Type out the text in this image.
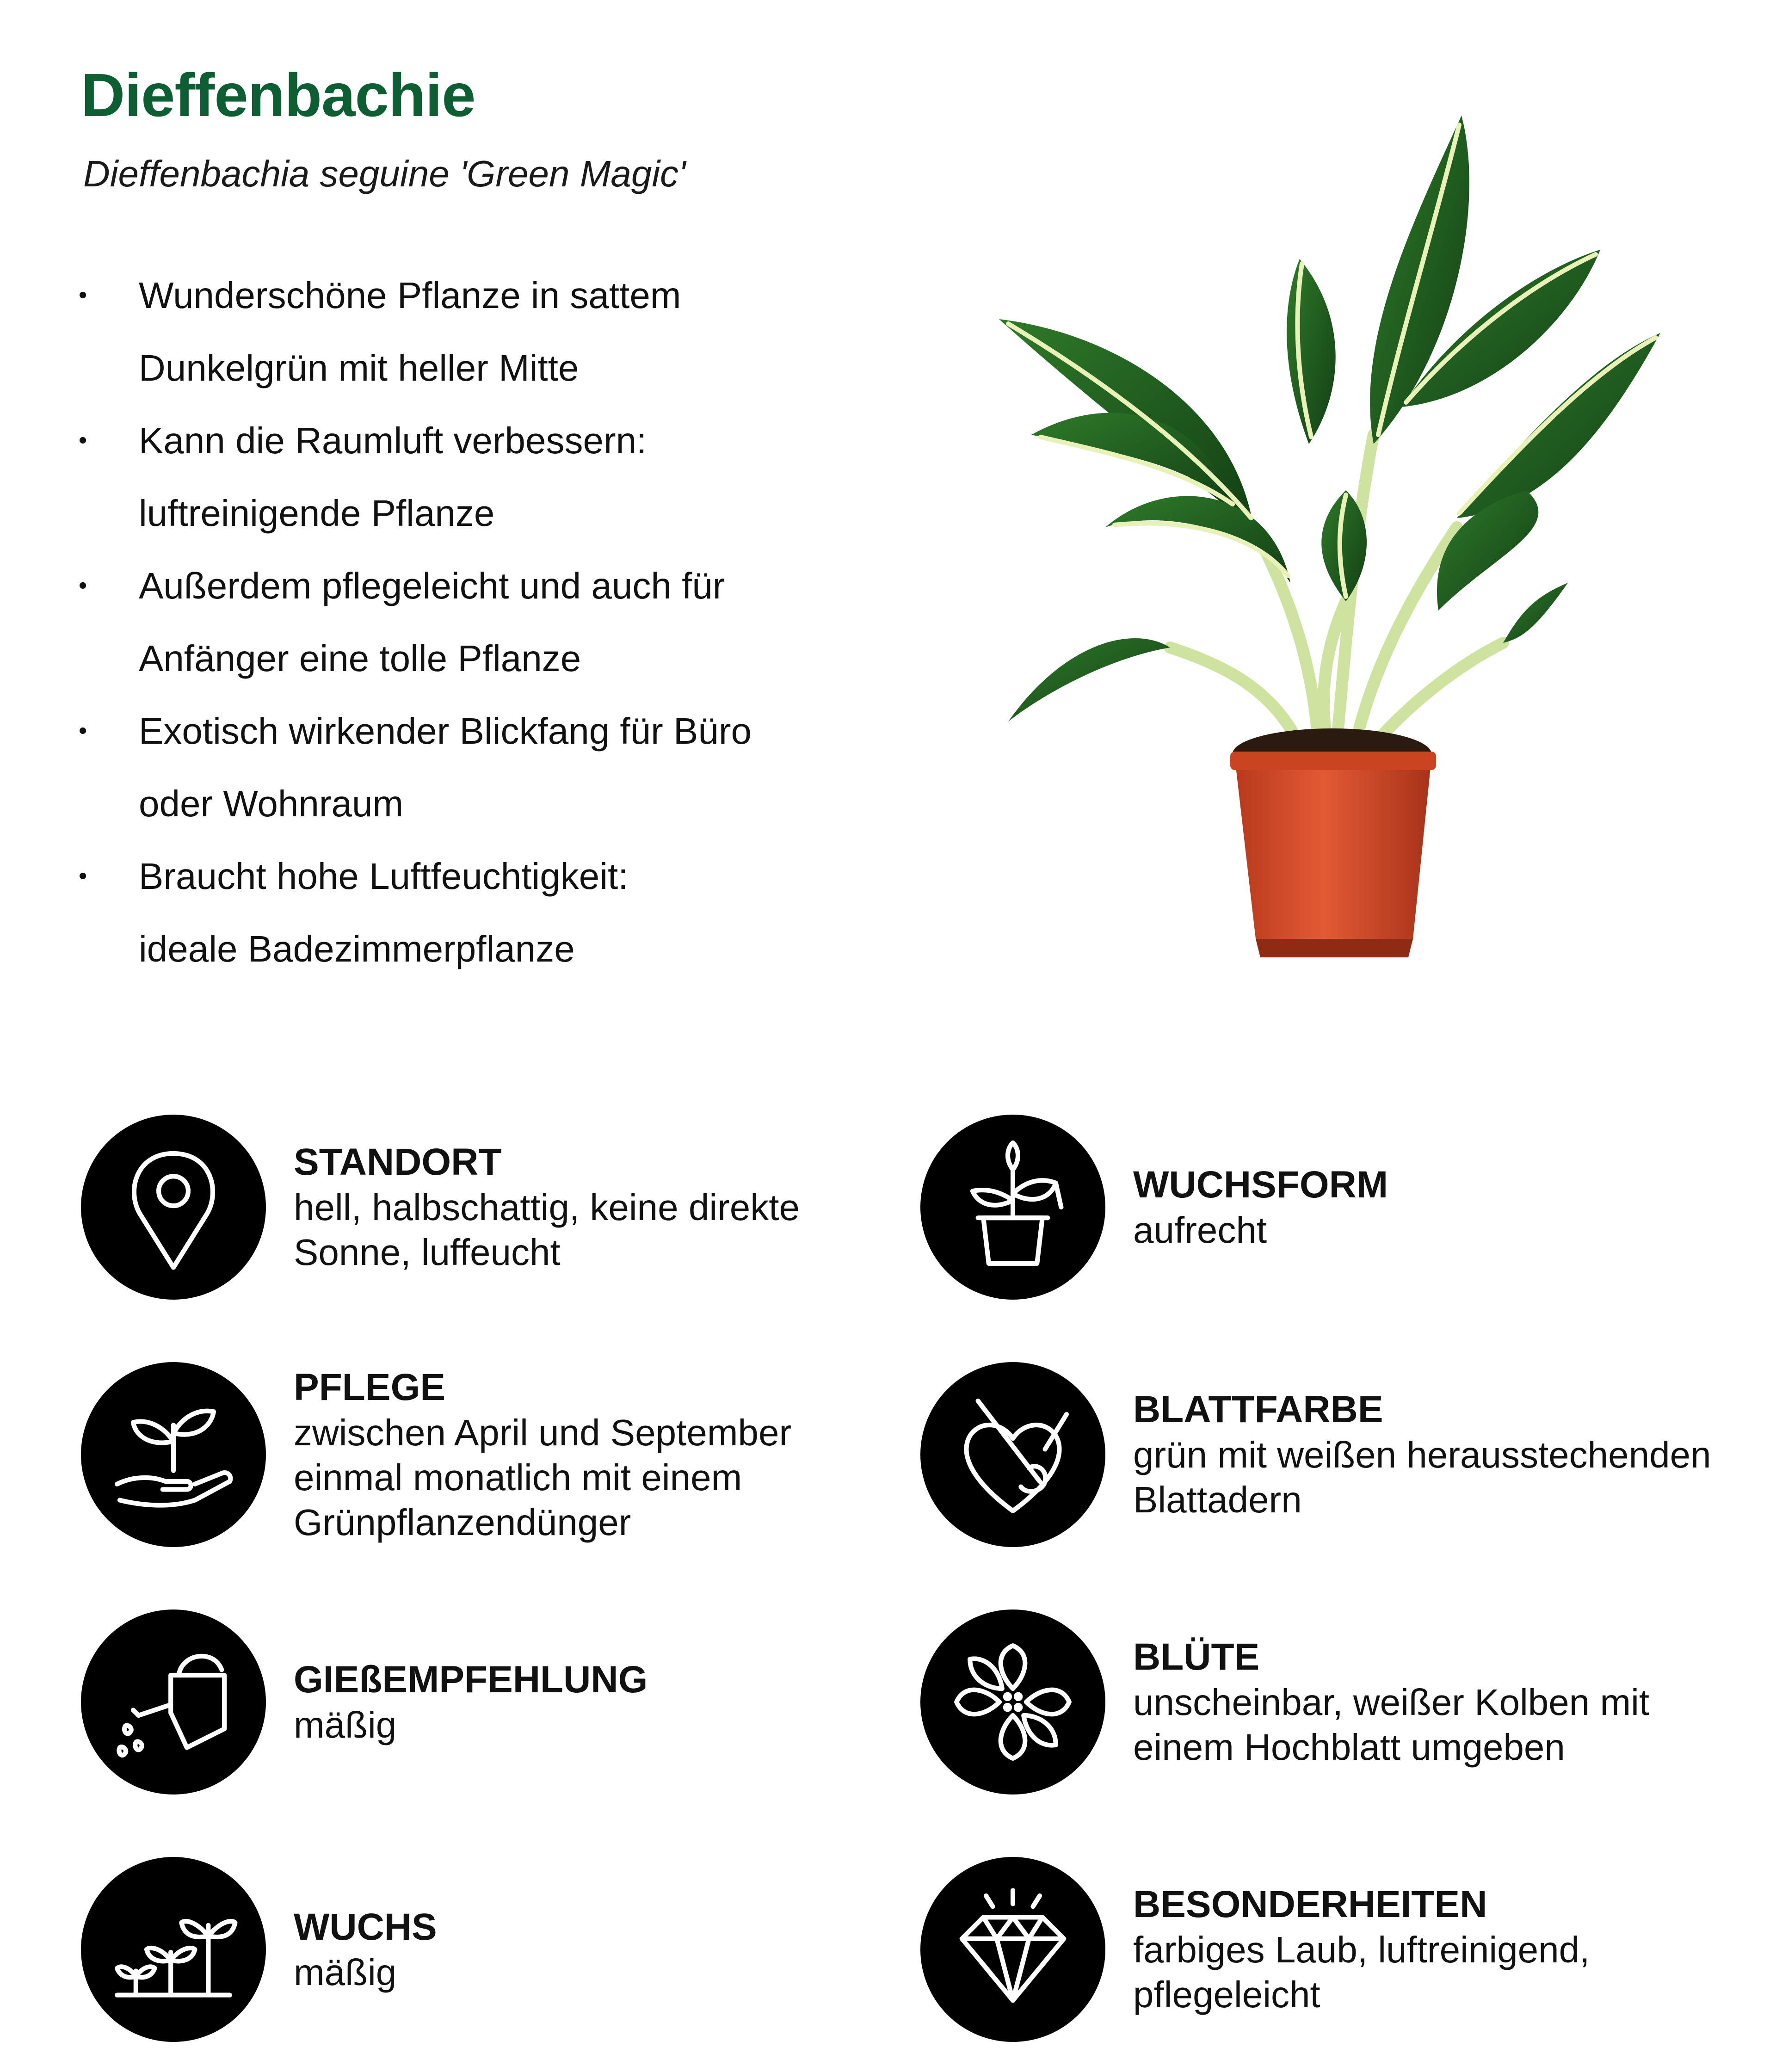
Dieffenbachie

Dieffenbachia seguine 'Green Magic'

• Wunderschöne Pflanze in sattem
Dunkelgrün mit heller Mitte
• Kann die Raumluft verbessern:
luftreinigende Pflanze
• Außerdem pflegeleicht und auch für
Anfänger eine tolle Pflanze
• Exotisch wirkender Blickfang für Büro
oder Wohnraum
• Braucht hohe Luftfeuchtigkeit:
ideale Badezimmerpflanze
STANDORT
hell, halbschattig, keine direkte
Sonne, luffeucht
WUCHSFORM
aufrecht
PFLEGE
zwischen April und September
einmal monatlich mit einem
Grünpflanzendünger
BLATTFARBE
grün mit weißen herausstechenden
Blattadern
GIEßEMPFEHLUNG
mäßig
BLÜTE
unscheinbar, weißer Kolben mit
einem Hochblatt umgeben
WUCHS
mäßig
BESONDERHEITEN
farbiges Laub, luftreinigend,
pflegeleicht
